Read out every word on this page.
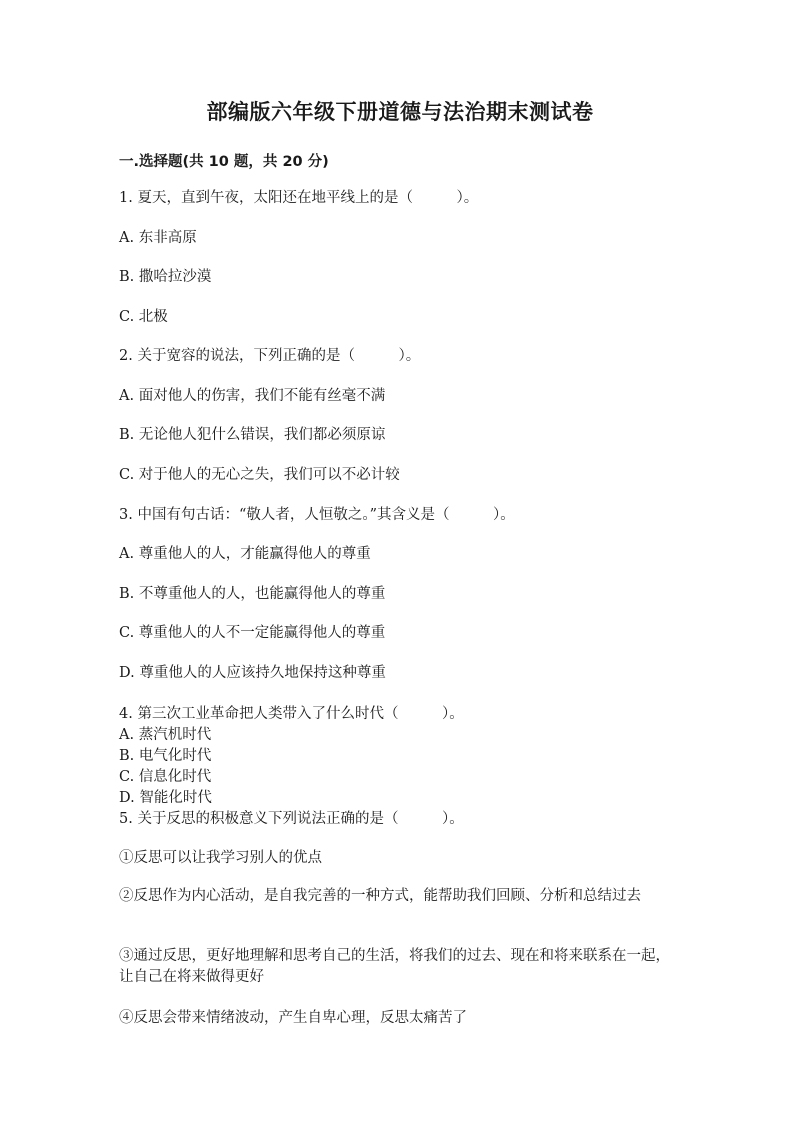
部编版六年级下册道德与法治期末测试卷
一.选择题(共 10 题，共 20 分)
1. 夏天，直到午夜，太阳还在地平线上的是（　　　）。
A. 东非高原
B. 撒哈拉沙漠
C. 北极
2. 关于宽容的说法，下列正确的是（　　　）。
A. 面对他人的伤害，我们不能有丝毫不满
B. 无论他人犯什么错误，我们都必须原谅
C. 对于他人的无心之失，我们可以不必计较
3. 中国有句古话：“敬人者，人恒敬之。”其含义是（　　　）。
A. 尊重他人的人，才能赢得他人的尊重
B. 不尊重他人的人，也能赢得他人的尊重
C. 尊重他人的人不一定能赢得他人的尊重
D. 尊重他人的人应该持久地保持这种尊重
4. 第三次工业革命把人类带入了什么时代（　　　）。
A. 蒸汽机时代
B. 电气化时代
C. 信息化时代
D. 智能化时代
5. 关于反思的积极意义下列说法正确的是（　　　）。
①反思可以让我学习别人的优点
②反思作为内心活动，是自我完善的一种方式，能帮助我们回顾、分析和总结过去
③通过反思，更好地理解和思考自己的生活，将我们的过去、现在和将来联系在一起，让自己在将来做得更好
④反思会带来情绪波动，产生自卑心理，反思太痛苦了
